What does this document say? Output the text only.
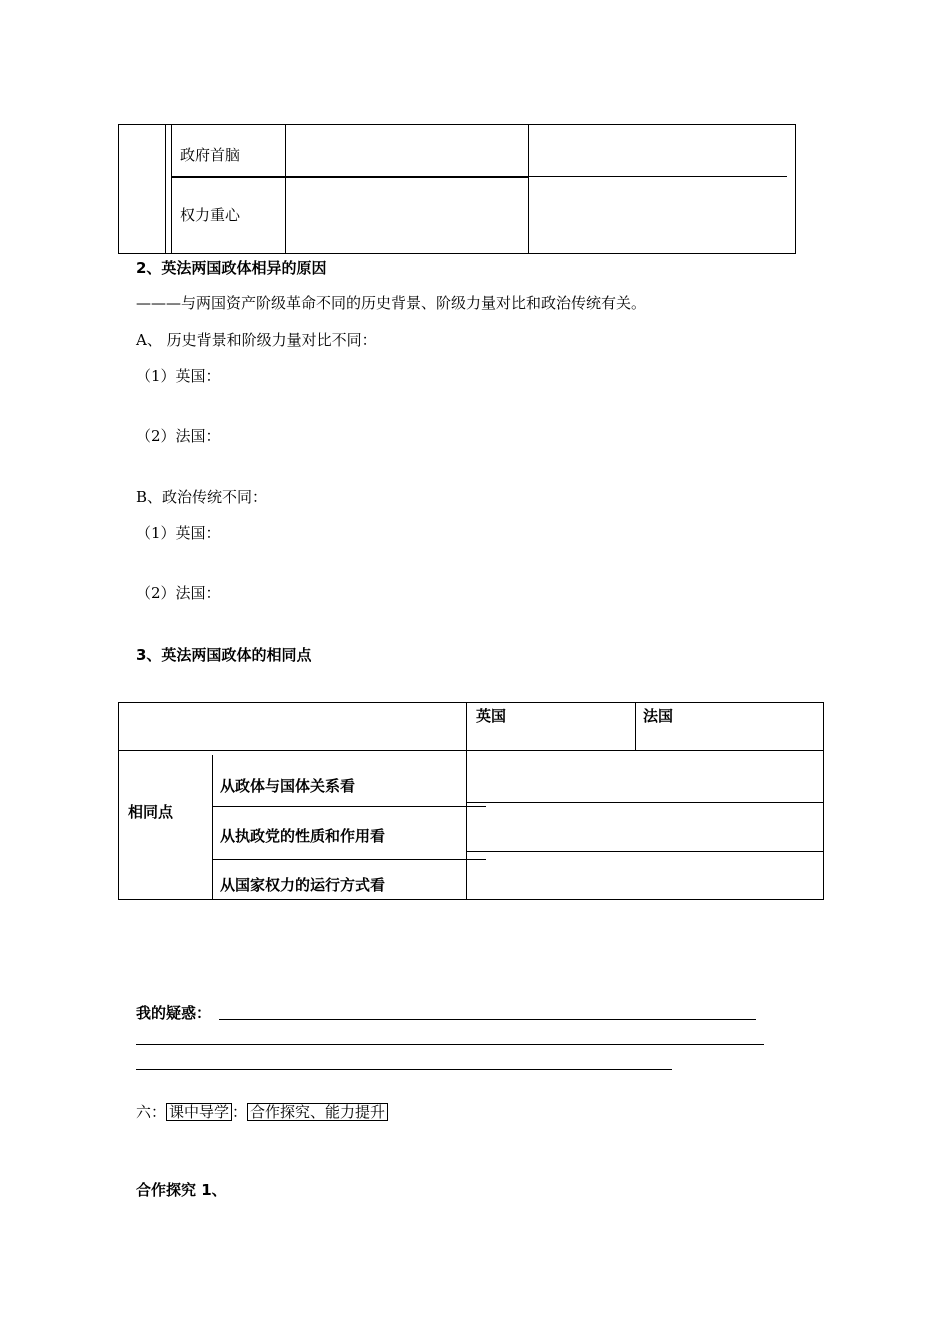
政府首脑
权力重心
2、英法两国政体相异的原因
———与两国资产阶级革命不同的历史背景、阶级力量对比和政治传统有关。
A、 历史背景和阶级力量对比不同：
（1）英国：
（2）法国：
B、政治传统不同：
（1）英国：
（2）法国：
3、英法两国政体的相同点
英国	法国
相同点
从政体与国体关系看
从执政党的性质和作用看
从国家权力的运行方式看
我的疑惑：
六： 课中导学 ： 合作探究、能力提升
合作探究 1、
